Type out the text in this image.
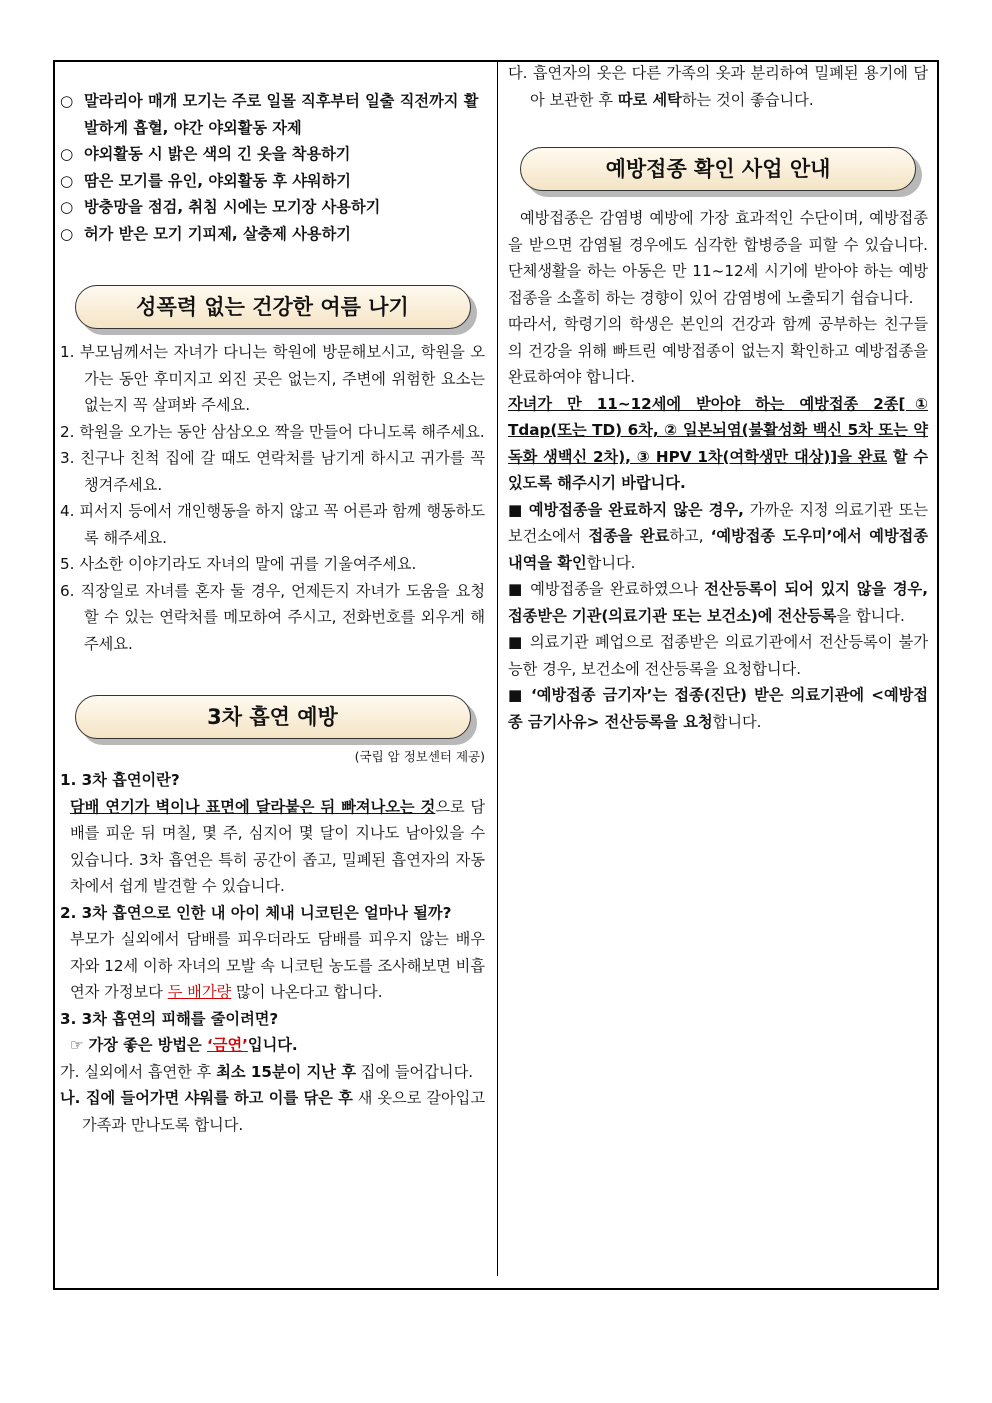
○ 말라리아 매개 모기는 주로 일몰 직후부터 일출 직전까지 활발하게 흡혈, 야간 야외활동 자제
○ 야외활동 시 밝은 색의 긴 옷을 착용하기
○ 땀은 모기를 유인, 야외활동 후 샤워하기
○ 방충망을 점검, 취침 시에는 모기장 사용하기
○ 허가 받은 모기 기피제, 살충제 사용하기
성폭력 없는 건강한 여름 나기
1. 부모님께서는 자녀가 다니는 학원에 방문해보시고, 학원을 오가는 동안 후미지고 외진 곳은 없는지, 주변에 위험한 요소는 없는지 꼭 살펴봐 주세요.
2. 학원을 오가는 동안 삼삼오오 짝을 만들어 다니도록 해주세요.
3. 친구나 친척 집에 갈 때도 연락처를 남기게 하시고 귀가를 꼭 챙겨주세요.
4. 피서지 등에서 개인행동을 하지 않고 꼭 어른과 함께 행동하도록 해주세요.
5. 사소한 이야기라도 자녀의 말에 귀를 기울여주세요.
6. 직장일로 자녀를 혼자 둘 경우, 언제든지 자녀가 도움을 요청할 수 있는 연락처를 메모하여 주시고, 전화번호를 외우게 해주세요.
3차 흡연 예방
(국립 암 정보센터 제공)
1. 3차 흡연이란?
담배 연기가 벽이나 표면에 달라붙은 뒤 빠져나오는 것으로 담배를 피운 뒤 며칠, 몇 주, 심지어 몇 달이 지나도 남아있을 수 있습니다. 3차 흡연은 특히 공간이 좁고, 밀폐된 흡연자의 자동차에서 쉽게 발견할 수 있습니다.
2. 3차 흡연으로 인한 내 아이 체내 니코틴은 얼마나 될까?
부모가 실외에서 담배를 피우더라도 담배를 피우지 않는 배우자와 12세 이하 자녀의 모발 속 니코틴 농도를 조사해보면 비흡연자 가정보다 두 배가량 많이 나온다고 합니다.
3. 3차 흡연의 피해를 줄이려면?
☞ 가장 좋은 방법은 ‘금연’입니다.
가. 실외에서 흡연한 후 최소 15분이 지난 후 집에 들어갑니다.
나. 집에 들어가면 샤워를 하고 이를 닦은 후 새 옷으로 갈아입고 가족과 만나도록 합니다.
다. 흡연자의 옷은 다른 가족의 옷과 분리하여 밀폐된 용기에 담아 보관한 후 따로 세탁하는 것이 좋습니다.
예방접종 확인 사업 안내
예방접종은 감염병 예방에 가장 효과적인 수단이며, 예방접종을 받으면 감염될 경우에도 심각한 합병증을 피할 수 있습니다. 단체생활을 하는 아동은 만 11~12세 시기에 받아야 하는 예방접종을 소홀히 하는 경향이 있어 감염병에 노출되기 쉽습니다.
따라서, 학령기의 학생은 본인의 건강과 함께 공부하는 친구들의 건강을 위해 빠트린 예방접종이 없는지 확인하고 예방접종을 완료하여야 합니다.
자녀가 만 11~12세에 받아야 하는 예방접종 2종[① Tdap(또는 TD) 6차, ② 일본뇌염(불활성화 백신 5차 또는 약독화 생백신 2차), ③ HPV 1차(여학생만 대상)]을 완료 할 수 있도록 해주시기 바랍니다.
■ 예방접종을 완료하지 않은 경우, 가까운 지정 의료기관 또는 보건소에서 접종을 완료하고, ‘예방접종 도우미’에서 예방접종 내역을 확인합니다.
■ 예방접종을 완료하였으나 전산등록이 되어 있지 않을 경우, 접종받은 기관(의료기관 또는 보건소)에 전산등록을 합니다.
■ 의료기관 폐업으로 접종받은 의료기관에서 전산등록이 불가능한 경우, 보건소에 전산등록을 요청합니다.
■ ‘예방접종 금기자’는 접종(진단) 받은 의료기관에 <예방접종 금기사유> 전산등록을 요청합니다.
